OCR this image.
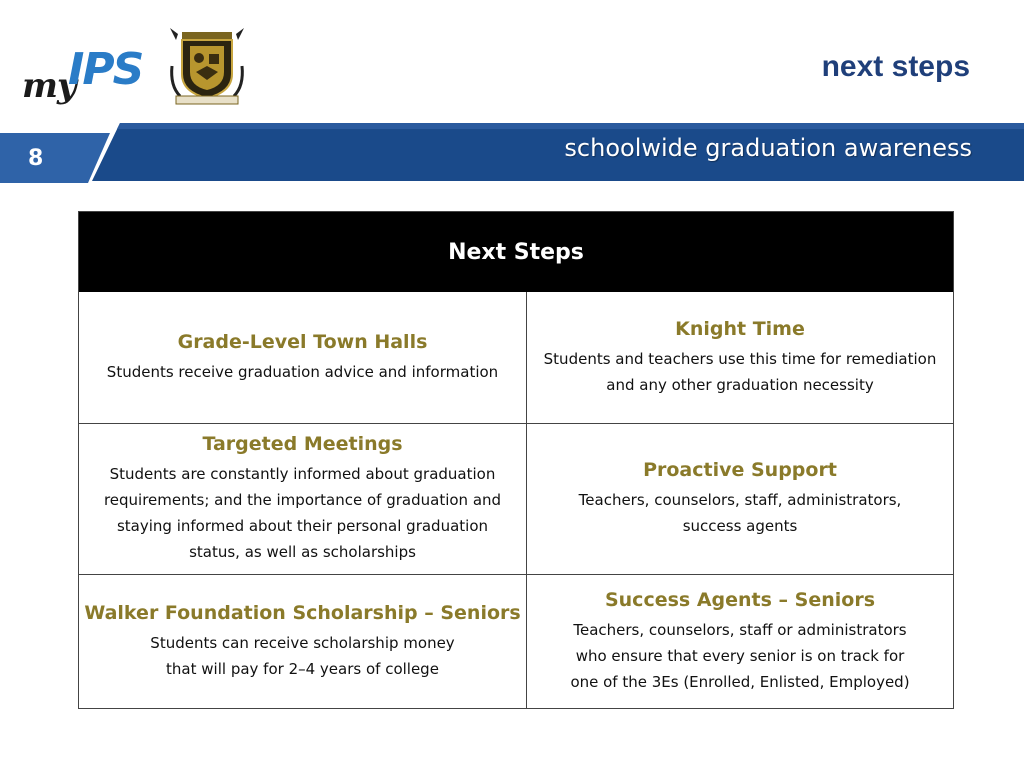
my
IPS	next steps
8	schoolwide graduation awareness
Next Steps
Grade-Level Town Halls
Students receive graduation advice and information
Knight Time
Students and teachers use this time for remediation and any other graduation necessity
Targeted Meetings
Students are constantly informed about graduation requirements; and the importance of graduation and staying informed about their personal graduation status, as well as scholarships
Proactive Support
Teachers, counselors, staff, administrators, success agents
Walker Foundation Scholarship – Seniors
Students can receive scholarship money that will pay for 2–4 years of college
Success Agents – Seniors
Teachers, counselors, staff or administrators who ensure that every senior is on track for one of the 3Es (Enrolled, Enlisted, Employed)
